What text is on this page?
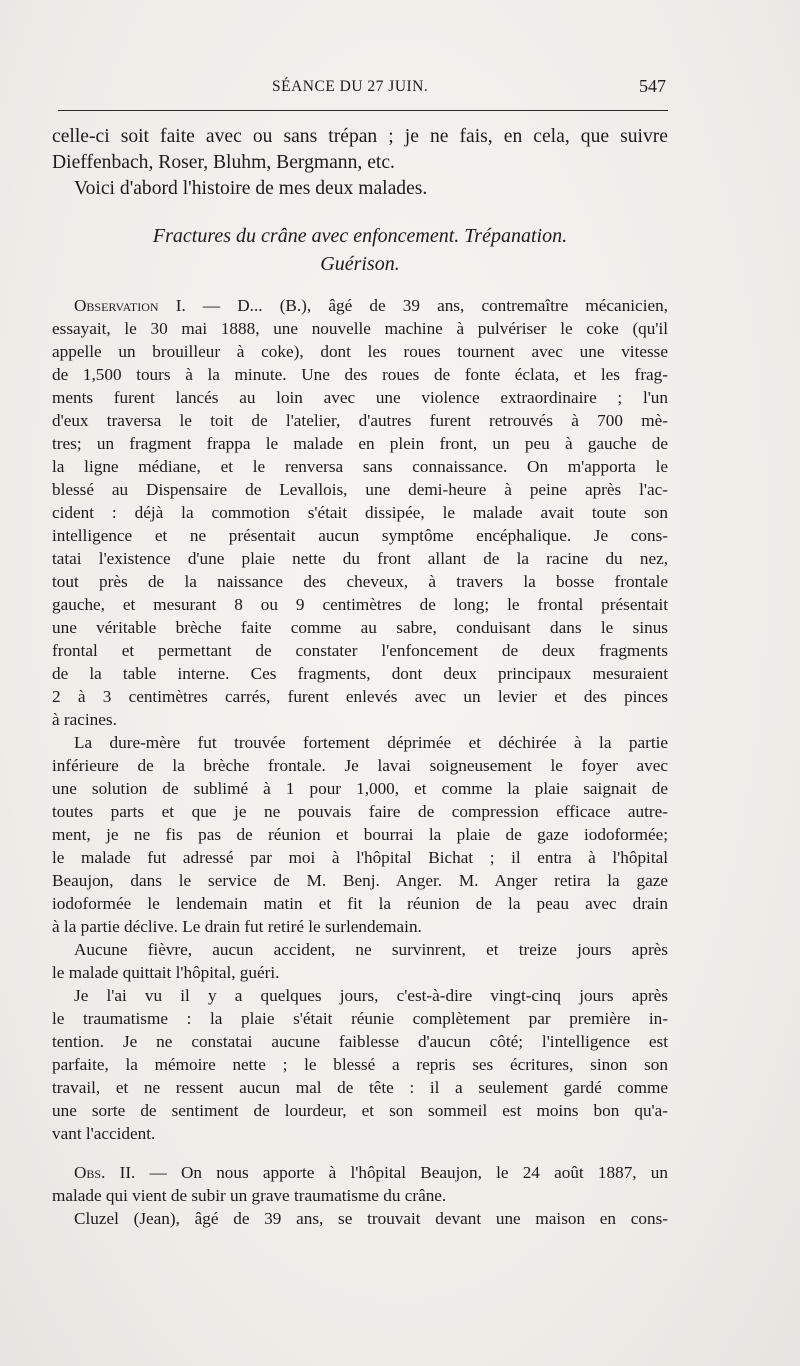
SÉANCE DU 27 JUIN.	547
celle-ci soit faite avec ou sans trépan ; je ne fais, en cela, que suivre
Dieffenbach, Roser, Bluhm, Bergmann, etc.
Voici d'abord l'histoire de mes deux malades.
Fractures du crâne avec enfoncement. Trépanation.
Guérison.
Observation I. — D... (B.), âgé de 39 ans, contremaître mécanicien,
essayait, le 30 mai 1888, une nouvelle machine à pulvériser le coke (qu'il
appelle un brouilleur à coke), dont les roues tournent avec une vitesse
de 1,500 tours à la minute. Une des roues de fonte éclata, et les frag-
ments furent lancés au loin avec une violence extraordinaire ; l'un
d'eux traversa le toit de l'atelier, d'autres furent retrouvés à 700 mè-
tres; un fragment frappa le malade en plein front, un peu à gauche de
la ligne médiane, et le renversa sans connaissance. On m'apporta le
blessé au Dispensaire de Levallois, une demi-heure à peine après l'ac-
cident : déjà la commotion s'était dissipée, le malade avait toute son
intelligence et ne présentait aucun symptôme encéphalique. Je cons-
tatai l'existence d'une plaie nette du front allant de la racine du nez,
tout près de la naissance des cheveux, à travers la bosse frontale
gauche, et mesurant 8 ou 9 centimètres de long; le frontal présentait
une véritable brèche faite comme au sabre, conduisant dans le sinus
frontal et permettant de constater l'enfoncement de deux fragments
de la table interne. Ces fragments, dont deux principaux mesuraient
2 à 3 centimètres carrés, furent enlevés avec un levier et des pinces
à racines.
La dure-mère fut trouvée fortement déprimée et déchirée à la partie
inférieure de la brèche frontale. Je lavai soigneusement le foyer avec
une solution de sublimé à 1 pour 1,000, et comme la plaie saignait de
toutes parts et que je ne pouvais faire de compression efficace autre-
ment, je ne fis pas de réunion et bourrai la plaie de gaze iodoformée;
le malade fut adressé par moi à l'hôpital Bichat ; il entra à l'hôpital
Beaujon, dans le service de M. Benj. Anger. M. Anger retira la gaze
iodoformée le lendemain matin et fit la réunion de la peau avec drain
à la partie déclive. Le drain fut retiré le surlendemain.
Aucune fièvre, aucun accident, ne survinrent, et treize jours après
le malade quittait l'hôpital, guéri.
Je l'ai vu il y a quelques jours, c'est-à-dire vingt-cinq jours après
le traumatisme : la plaie s'était réunie complètement par première in-
tention. Je ne constatai aucune faiblesse d'aucun côté; l'intelligence est
parfaite, la mémoire nette ; le blessé a repris ses écritures, sinon son
travail, et ne ressent aucun mal de tête : il a seulement gardé comme
une sorte de sentiment de lourdeur, et son sommeil est moins bon qu'a-
vant l'accident.
Obs. II. — On nous apporte à l'hôpital Beaujon, le 24 août 1887, un
malade qui vient de subir un grave traumatisme du crâne.
Cluzel (Jean), âgé de 39 ans, se trouvait devant une maison en cons-
